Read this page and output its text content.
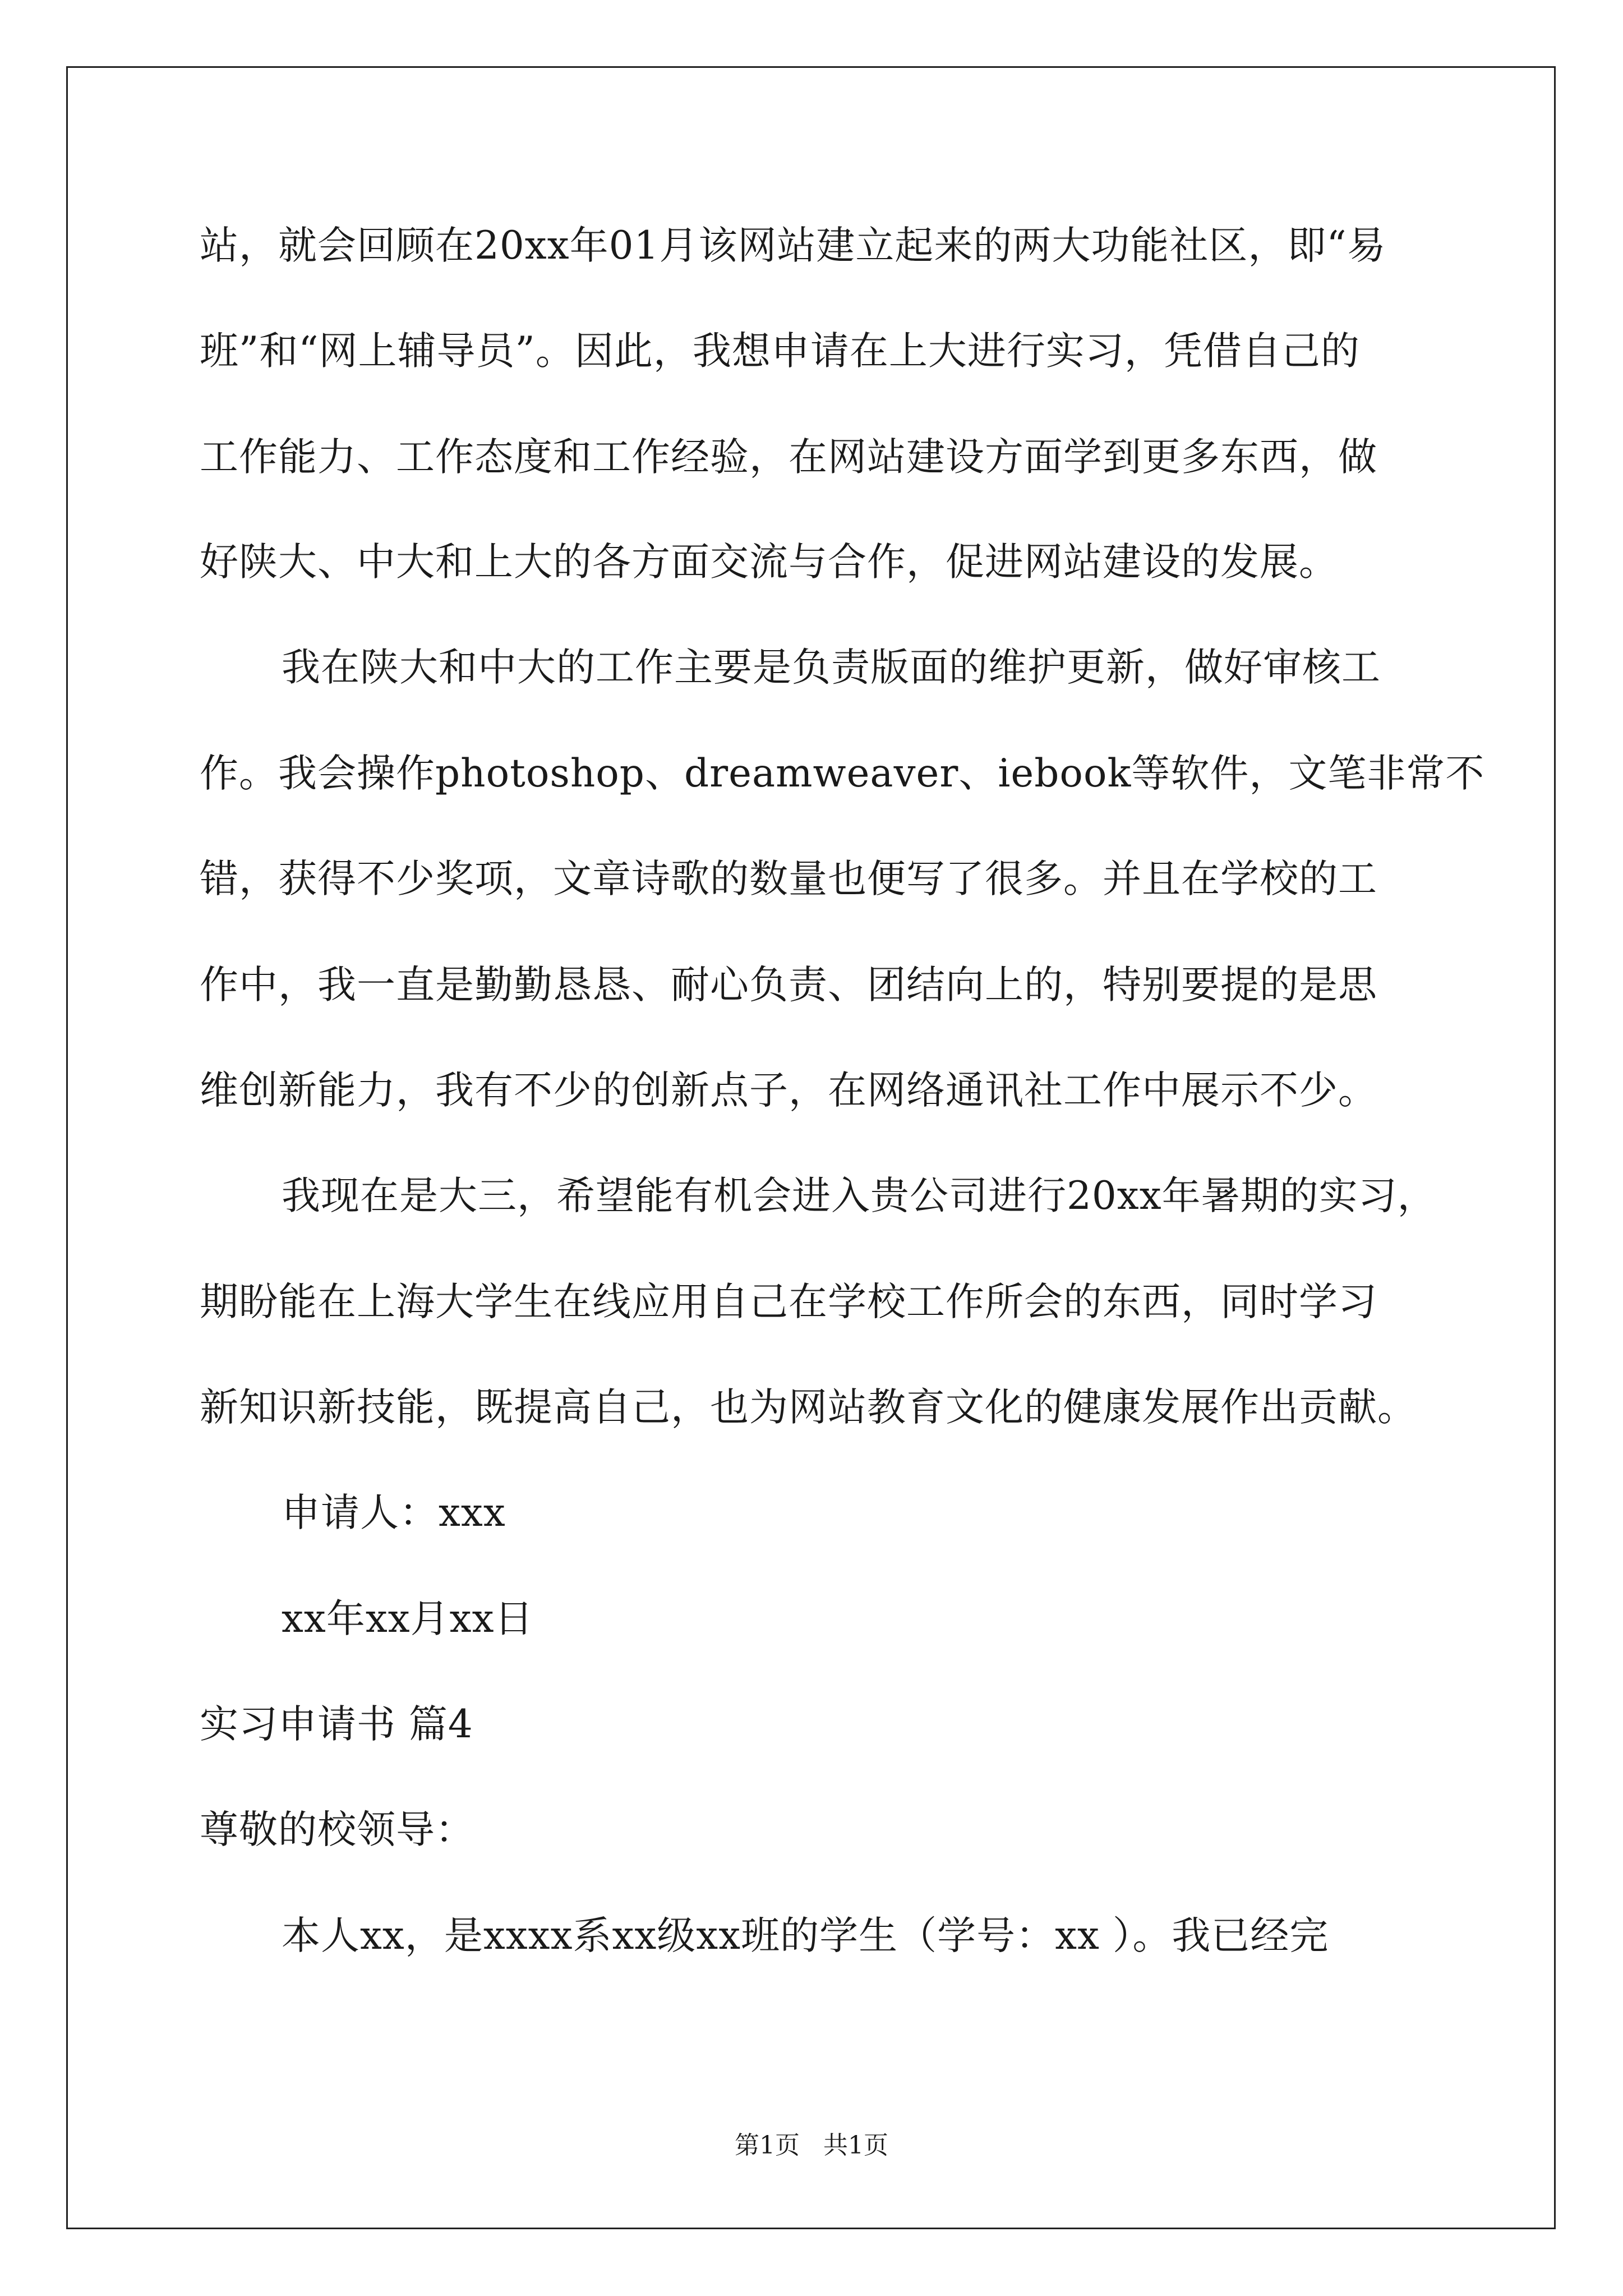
站，就会回顾在20xx年01月该网站建立起来的两大功能社区，即“易
班”和“网上辅导员”。因此，我想申请在上大进行实习，凭借自己的
工作能力、工作态度和工作经验，在网站建设方面学到更多东西，做
好陕大、中大和上大的各方面交流与合作，促进网站建设的发展。
我在陕大和中大的工作主要是负责版面的维护更新，做好审核工
作。我会操作photoshop、dreamweaver、iebook等软件，文笔非常不
错，获得不少奖项，文章诗歌的数量也便写了很多。并且在学校的工
作中，我一直是勤勤恳恳、耐心负责、团结向上的，特别要提的是思
维创新能力，我有不少的创新点子，在网络通讯社工作中展示不少。
我现在是大三，希望能有机会进入贵公司进行20xx年暑期的实习，
期盼能在上海大学生在线应用自己在学校工作所会的东西，同时学习
新知识新技能，既提高自己，也为网站教育文化的健康发展作出贡献。
申请人：xxx
xx年xx月xx日
实习申请书 篇4
尊敬的校领导：
本人xx，是xxxx系xx级xx班的学生（学号：xx ）。我已经完
第1页   共1页
